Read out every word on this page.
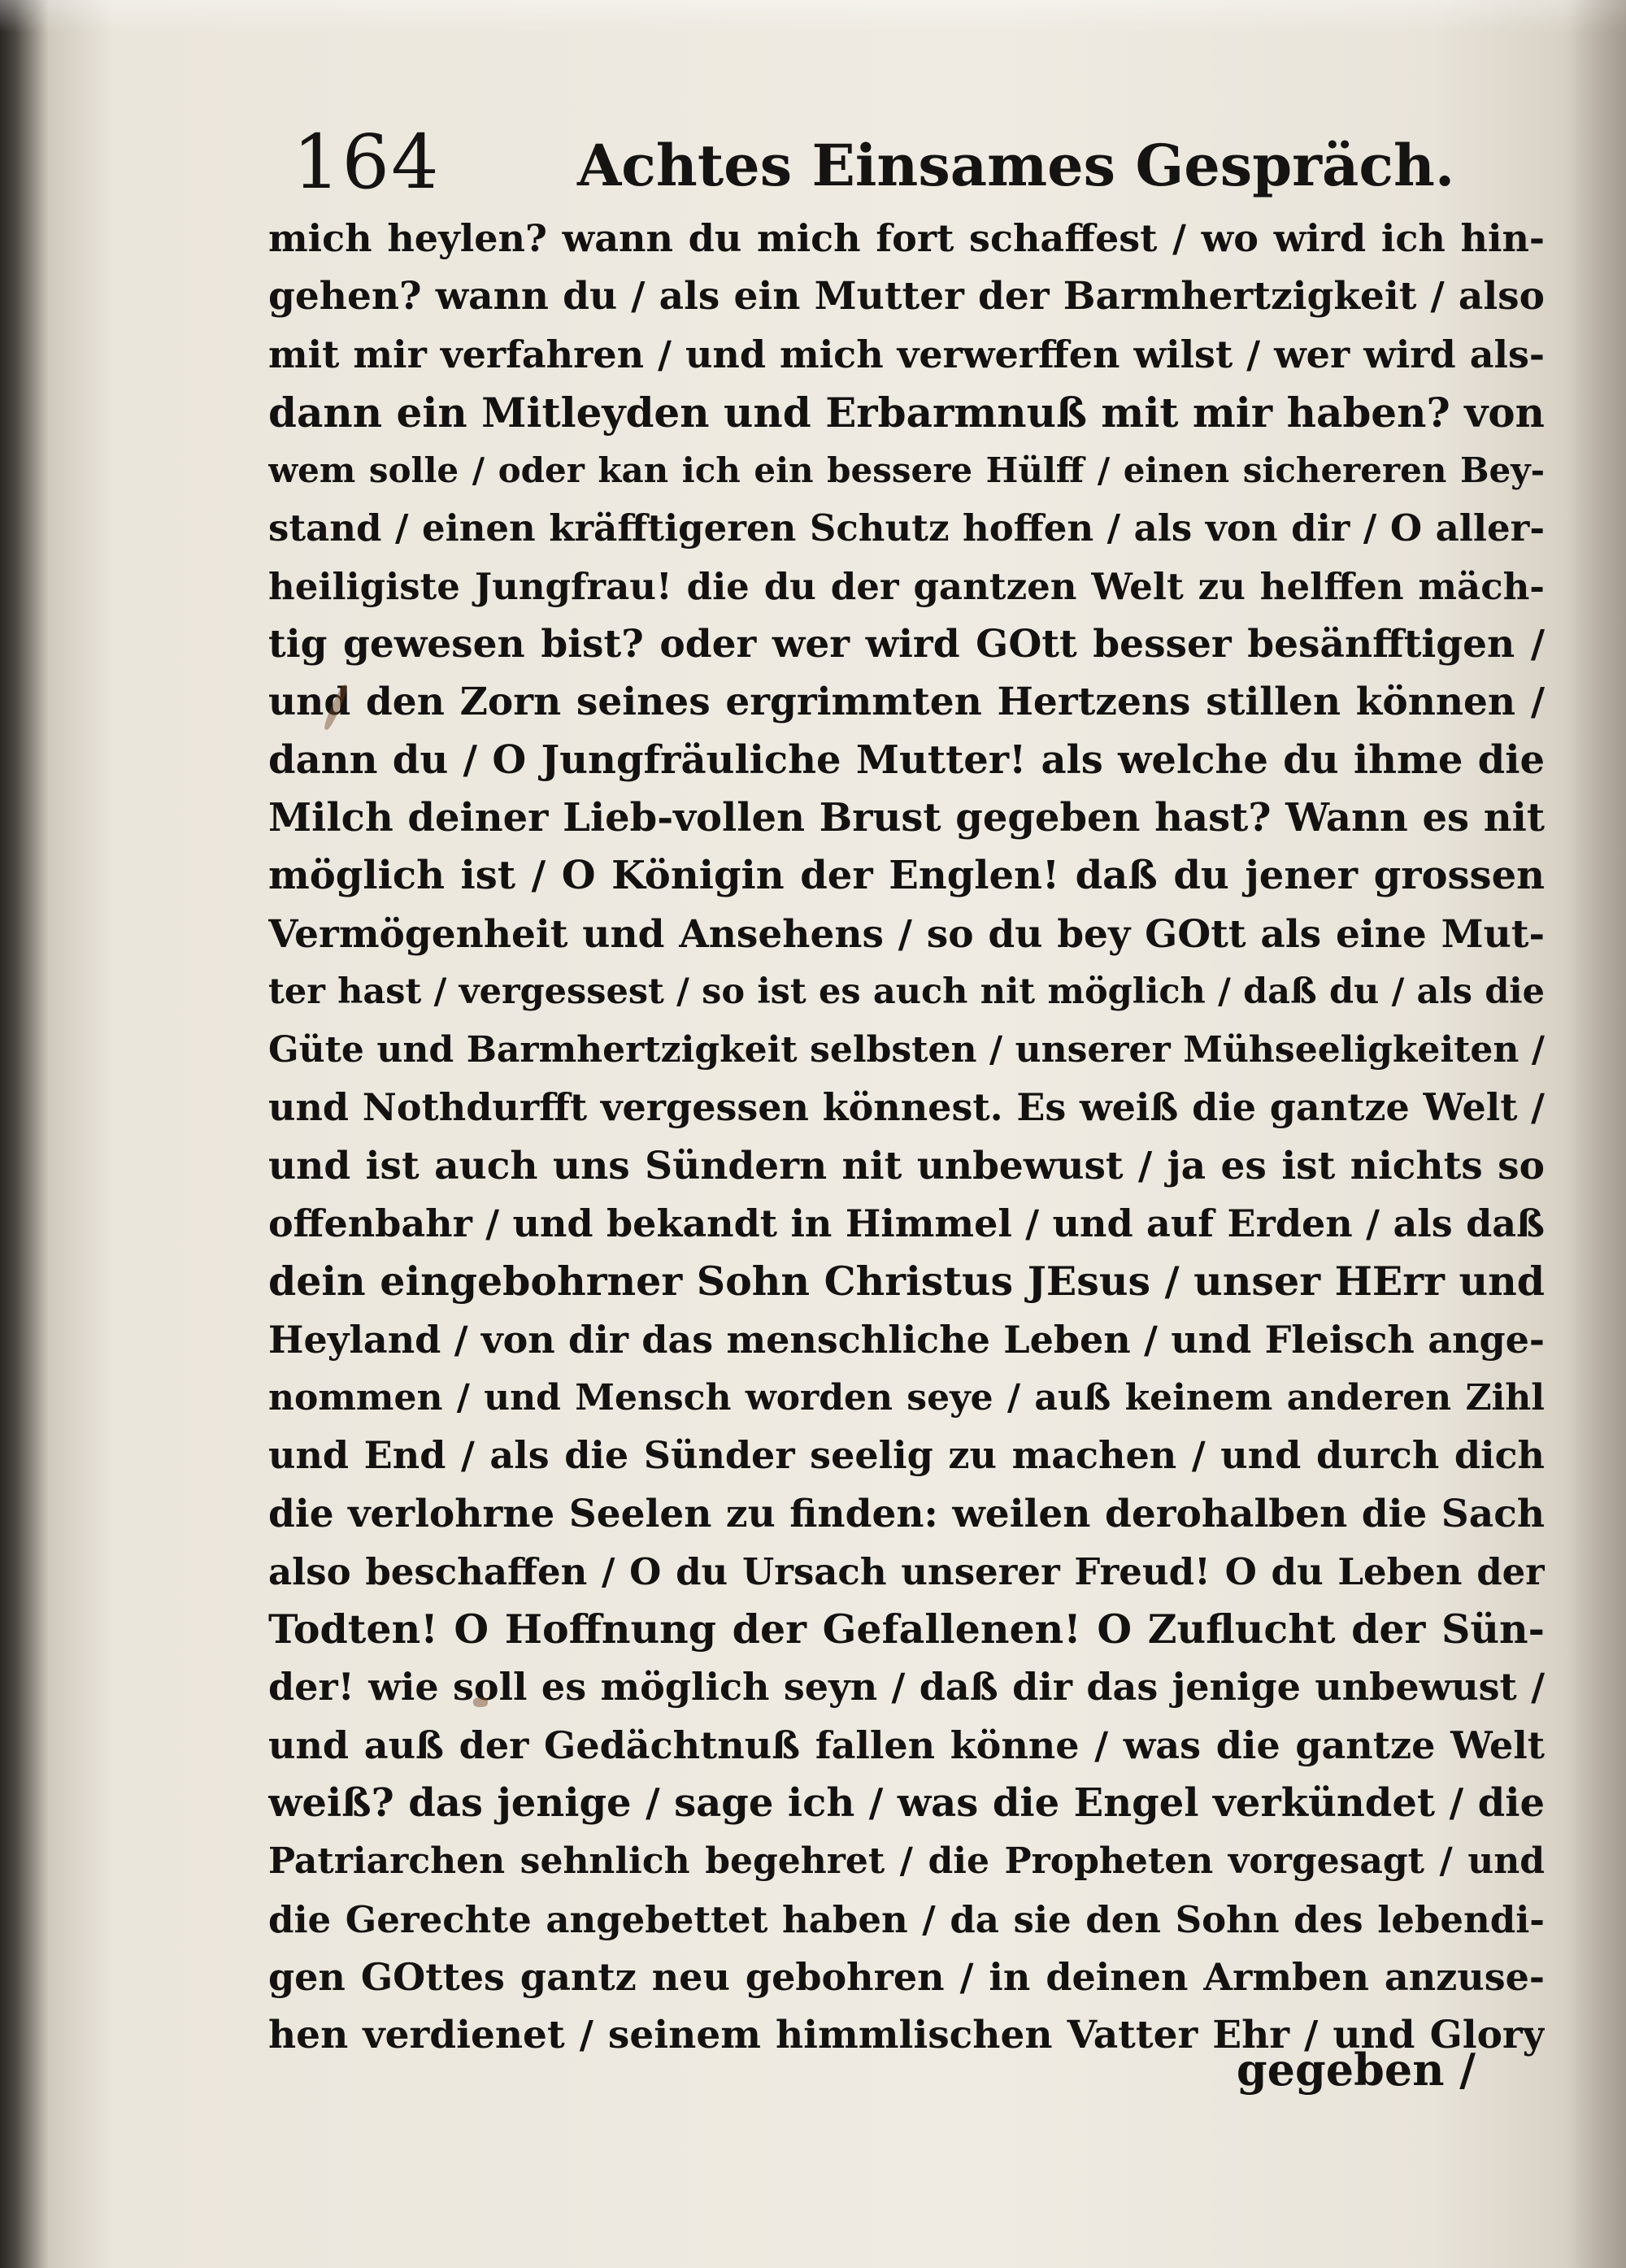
164 Achtes Einsames Gespräch.
mich heylen? wann du mich fort schaffest / wo wird ich hin-
gehen? wann du / als ein Mutter der Barmhertzigkeit / also
mit mir verfahren / und mich verwerffen wilst / wer wird als-
dann ein Mitleyden und Erbarmnuß mit mir haben? von
wem solle / oder kan ich ein bessere Hülff / einen sichereren Bey-
stand / einen kräfftigeren Schutz hoffen / als von dir / O aller-
heiligiste Jungfrau! die du der gantzen Welt zu helffen mäch-
tig gewesen bist? oder wer wird GOtt besser besänfftigen /
und den Zorn seines ergrimmten Hertzens stillen können /
dann du / O Jungfräuliche Mutter! als welche du ihme die
Milch deiner Lieb-vollen Brust gegeben hast? Wann es nit
möglich ist / O Königin der Englen! daß du jener grossen
Vermögenheit und Ansehens / so du bey GOtt als eine Mut-
ter hast / vergessest / so ist es auch nit möglich / daß du / als die
Güte und Barmhertzigkeit selbsten / unserer Mühseeligkeiten /
und Nothdurfft vergessen könnest. Es weiß die gantze Welt /
und ist auch uns Sündern nit unbewust / ja es ist nichts so
offenbahr / und bekandt in Himmel / und auf Erden / als daß
dein eingebohrner Sohn Christus JEsus / unser HErr und
Heyland / von dir das menschliche Leben / und Fleisch ange-
nommen / und Mensch worden seye / auß keinem anderen Zihl
und End / als die Sünder seelig zu machen / und durch dich
die verlohrne Seelen zu finden: weilen derohalben die Sach
also beschaffen / O du Ursach unserer Freud! O du Leben der
Todten! O Hoffnung der Gefallenen! O Zuflucht der Sün-
der! wie soll es möglich seyn / daß dir das jenige unbewust /
und auß der Gedächtnuß fallen könne / was die gantze Welt
weiß? das jenige / sage ich / was die Engel verkündet / die
Patriarchen sehnlich begehret / die Propheten vorgesagt / und
die Gerechte angebettet haben / da sie den Sohn des lebendi-
gen GOttes gantz neu gebohren / in deinen Armben anzuse-
hen verdienet / seinem himmlischen Vatter Ehr / und Glory
gegeben /
